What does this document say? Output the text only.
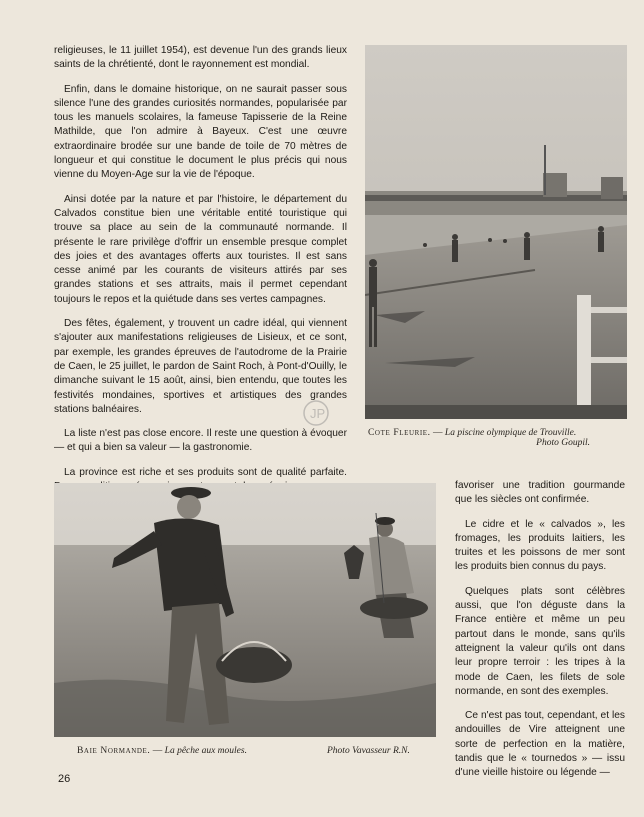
religieuses, le 11 juillet 1954), est devenue l'un des grands lieux saints de la chrétienté, dont le rayonnement est mondial.

Enfin, dans le domaine historique, on ne saurait passer sous silence l'une des grandes curiosités normandes, popularisée par tous les manuels scolaires, la fameuse Tapisserie de la Reine Mathilde, que l'on admire à Bayeux. C'est une œuvre extraordinaire brodée sur une bande de toile de 70 mètres de longueur et qui constitue le document le plus précis qui nous vienne du Moyen-Age sur la vie de l'époque.

Ainsi dotée par la nature et par l'histoire, le département du Calvados constitue bien une véritable entité touristique qui trouve sa place au sein de la communauté normande. Il présente le rare privilège d'offrir un ensemble presque complet des joies et des avantages offerts aux touristes. Il est sans cesse animé par les courants de visiteurs attirés par ses grandes stations et ses attraits, mais il permet cependant toujours le repos et la quiétude dans ses vertes campagnes.

Des fêtes, également, y trouvent un cadre idéal, qui viennent s'ajouter aux manifestations religieuses de Lisieux, et ce sont, par exemple, les grandes épreuves de l'autodrome de la Prairie de Caen, le 25 juillet, le pardon de Saint Roch, à Pont-d'Ouilly, le dimanche suivant le 15 août, ainsi, bien entendu, que toutes les festivités mondaines, sportives et artistiques des grandes stations balnéaires.

La liste n'est pas close encore. Il reste une question à évoquer — et qui a bien sa valeur — la gastronomie.

La province est riche et ses produits sont de qualité parfaite.

Cote Fleurie. — La piscine olympique de Trouville.
Photo Goupil.
Baie Normande. — La pêche aux moules.	Photo Vavasseur R.N.

favoriser une tradition gourmande que les siècles ont confirmée.

Le cidre et le « calvados », les fromages, les produits laitiers, les truites et les poissons de mer sont les produits bien connus du pays.

Quelques plats sont célèbres aussi, que l'on déguste dans la France entière et même un peu partout dans le monde, sans qu'ils atteignent la valeur qu'ils ont dans leur propre terroir : les tripes à la mode de Caen, les filets de sole normande, en sont des exemples.

Ce n'est pas tout, cependant, et les andouilles de Vire atteignent une sorte de perfection en la matière, tandis que le « tournedos » — issu d'une vieille histoire ou légende —

JP
26
